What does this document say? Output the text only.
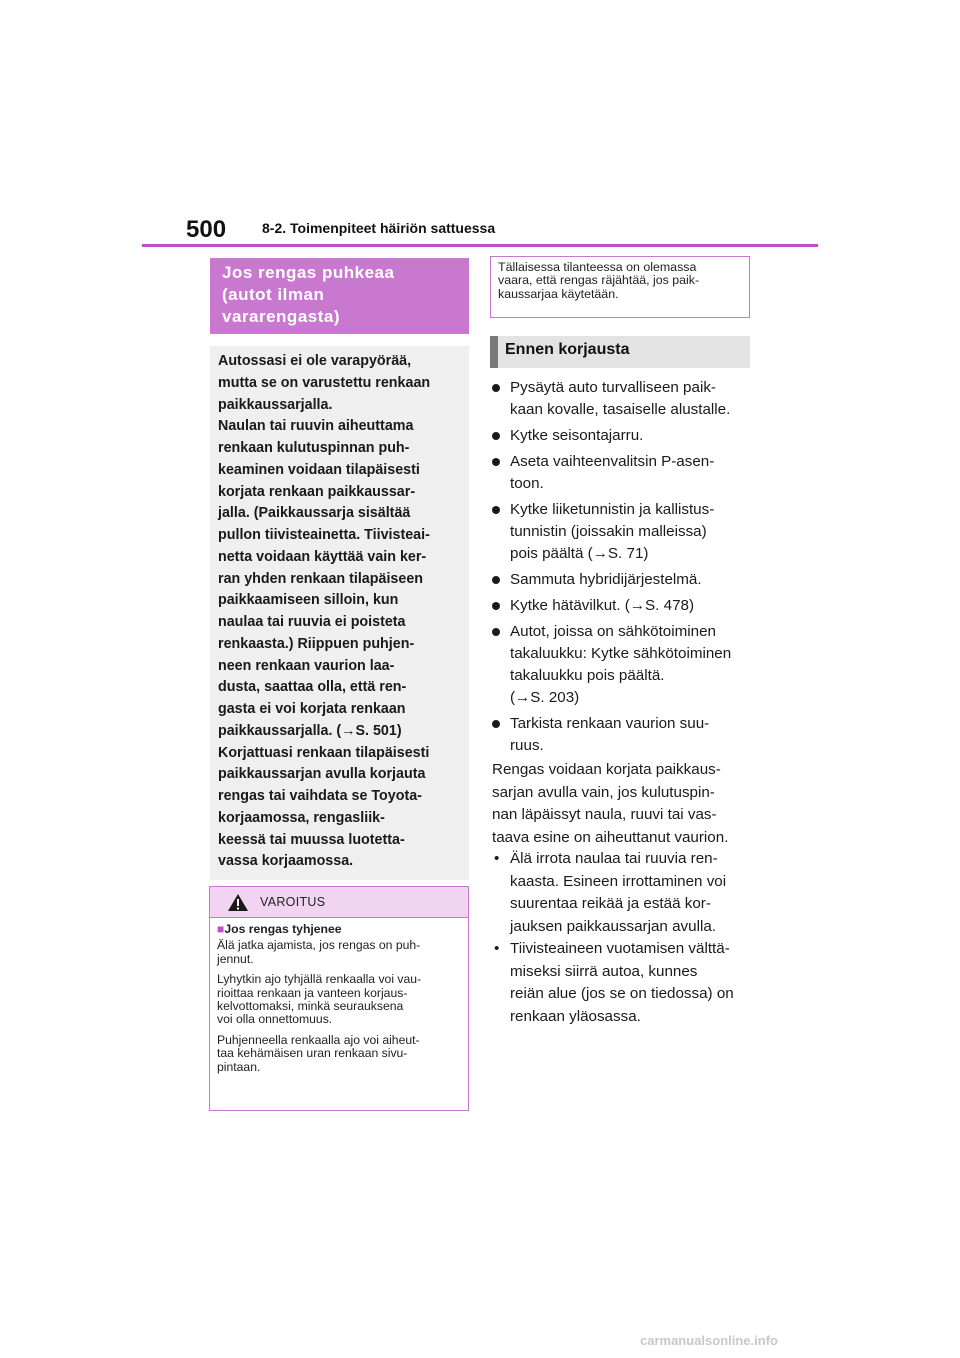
500	8-2. Toimenpiteet häiriön sattuessa
Jos rengas puhkeaa
(autot ilman
vararengasta)
Autossasi ei ole varapyörää,
mutta se on varustettu renkaan
paikkaussarjalla.
Naulan tai ruuvin aiheuttama
renkaan kulutuspinnan puh-
keaminen voidaan tilapäisesti
korjata renkaan paikkaussar-
jalla. (Paikkaussarja sisältää
pullon tiivisteainetta. Tiivisteai-
netta voidaan käyttää vain ker-
ran yhden renkaan tilapäiseen
paikkaamiseen silloin, kun
naulaa tai ruuvia ei poisteta
renkaasta.) Riippuen puhjen-
neen renkaan vaurion laa-
dusta, saattaa olla, että ren-
gasta ei voi korjata renkaan
paikkaussarjalla. (→S. 501)
Korjattuasi renkaan tilapäisesti
paikkaussarjan avulla korjauta
rengas tai vaihdata se Toyota-
korjaamossa, rengasliik-
keessä tai muussa luotetta-
vassa korjaamossa.
VAROITUS
■Jos rengas tyhjenee

Älä jatka ajamista, jos rengas on puh-
jennut.

Lyhytkin ajo tyhjällä renkaalla voi vau-
rioittaa renkaan ja vanteen korjaus-
kelvottomaksi, minkä seurauksena
voi olla onnettomuus.

Puhjenneella renkaalla ajo voi aiheut-
taa kehämäisen uran renkaan sivu-
pintaan.

Tällaisessa tilanteessa on olemassa
vaara, että rengas räjähtää, jos paik-
kaussarjaa käytetään.
Ennen korjausta
Pysäytä auto turvalliseen paik-
kaan kovalle, tasaiselle alustalle.
Kytke seisontajarru.
Aseta vaihteenvalitsin P-asen-
toon.
Kytke liiketunnistin ja kallistus-
tunnistin (joissakin malleissa)
pois päältä (→S. 71)
Sammuta hybridijärjestelmä.
Kytke hätävilkut. (→S. 478)
Autot, joissa on sähkötoiminen
takaluukku: Kytke sähkötoiminen
takaluukku pois päältä.
(→S. 203)
Tarkista renkaan vaurion suu-
ruus.
Rengas voidaan korjata paikkaus-
sarjan avulla vain, jos kulutuspin-
nan läpäissyt naula, ruuvi tai vas-
taava esine on aiheuttanut vaurion.
• Älä irrota naulaa tai ruuvia ren-
kaasta. Esineen irrottaminen voi
suurentaa reikää ja estää kor-
jauksen paikkaussarjan avulla.
• Tiivisteaineen vuotamisen välttä-
miseksi siirrä autoa, kunnes
reiän alue (jos se on tiedossa) on
renkaan yläosassa.
carmanualsonline.info
